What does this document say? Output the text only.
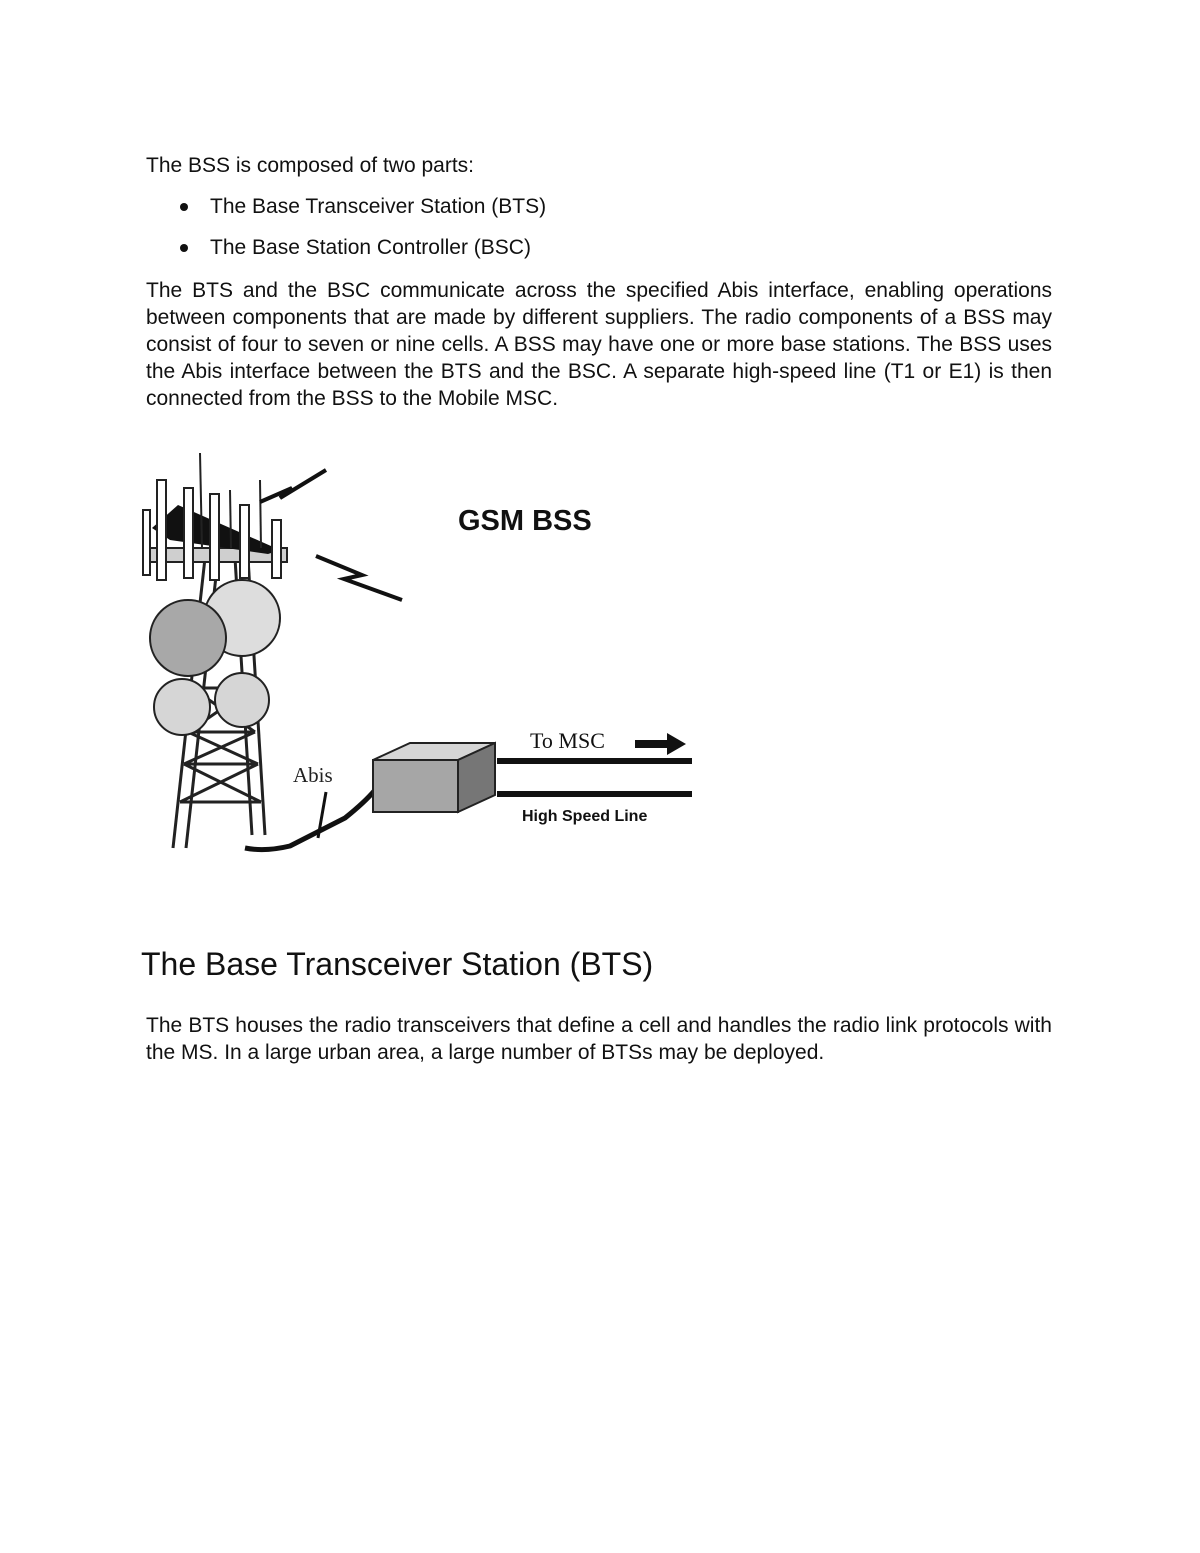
The BSS is composed of two parts:

The Base Transceiver Station (BTS)
The Base Station Controller (BSC)

The BTS and the BSC communicate across the specified Abis interface, enabling operations between components that are made by different suppliers. The radio components of a BSS may consist of four to seven or nine cells. A BSS may have one or more base stations. The BSS uses the Abis interface between the BTS and the BSC. A separate high-speed line (T1 or E1) is then connected from the BSS to the Mobile MSC.

Abis
To MSC
High Speed Line
GSM BSS
The Base Transceiver Station (BTS)

The BTS houses the radio transceivers that define a cell and handles the radio link protocols with the MS. In a large urban area, a large number of BTSs may be deployed.
